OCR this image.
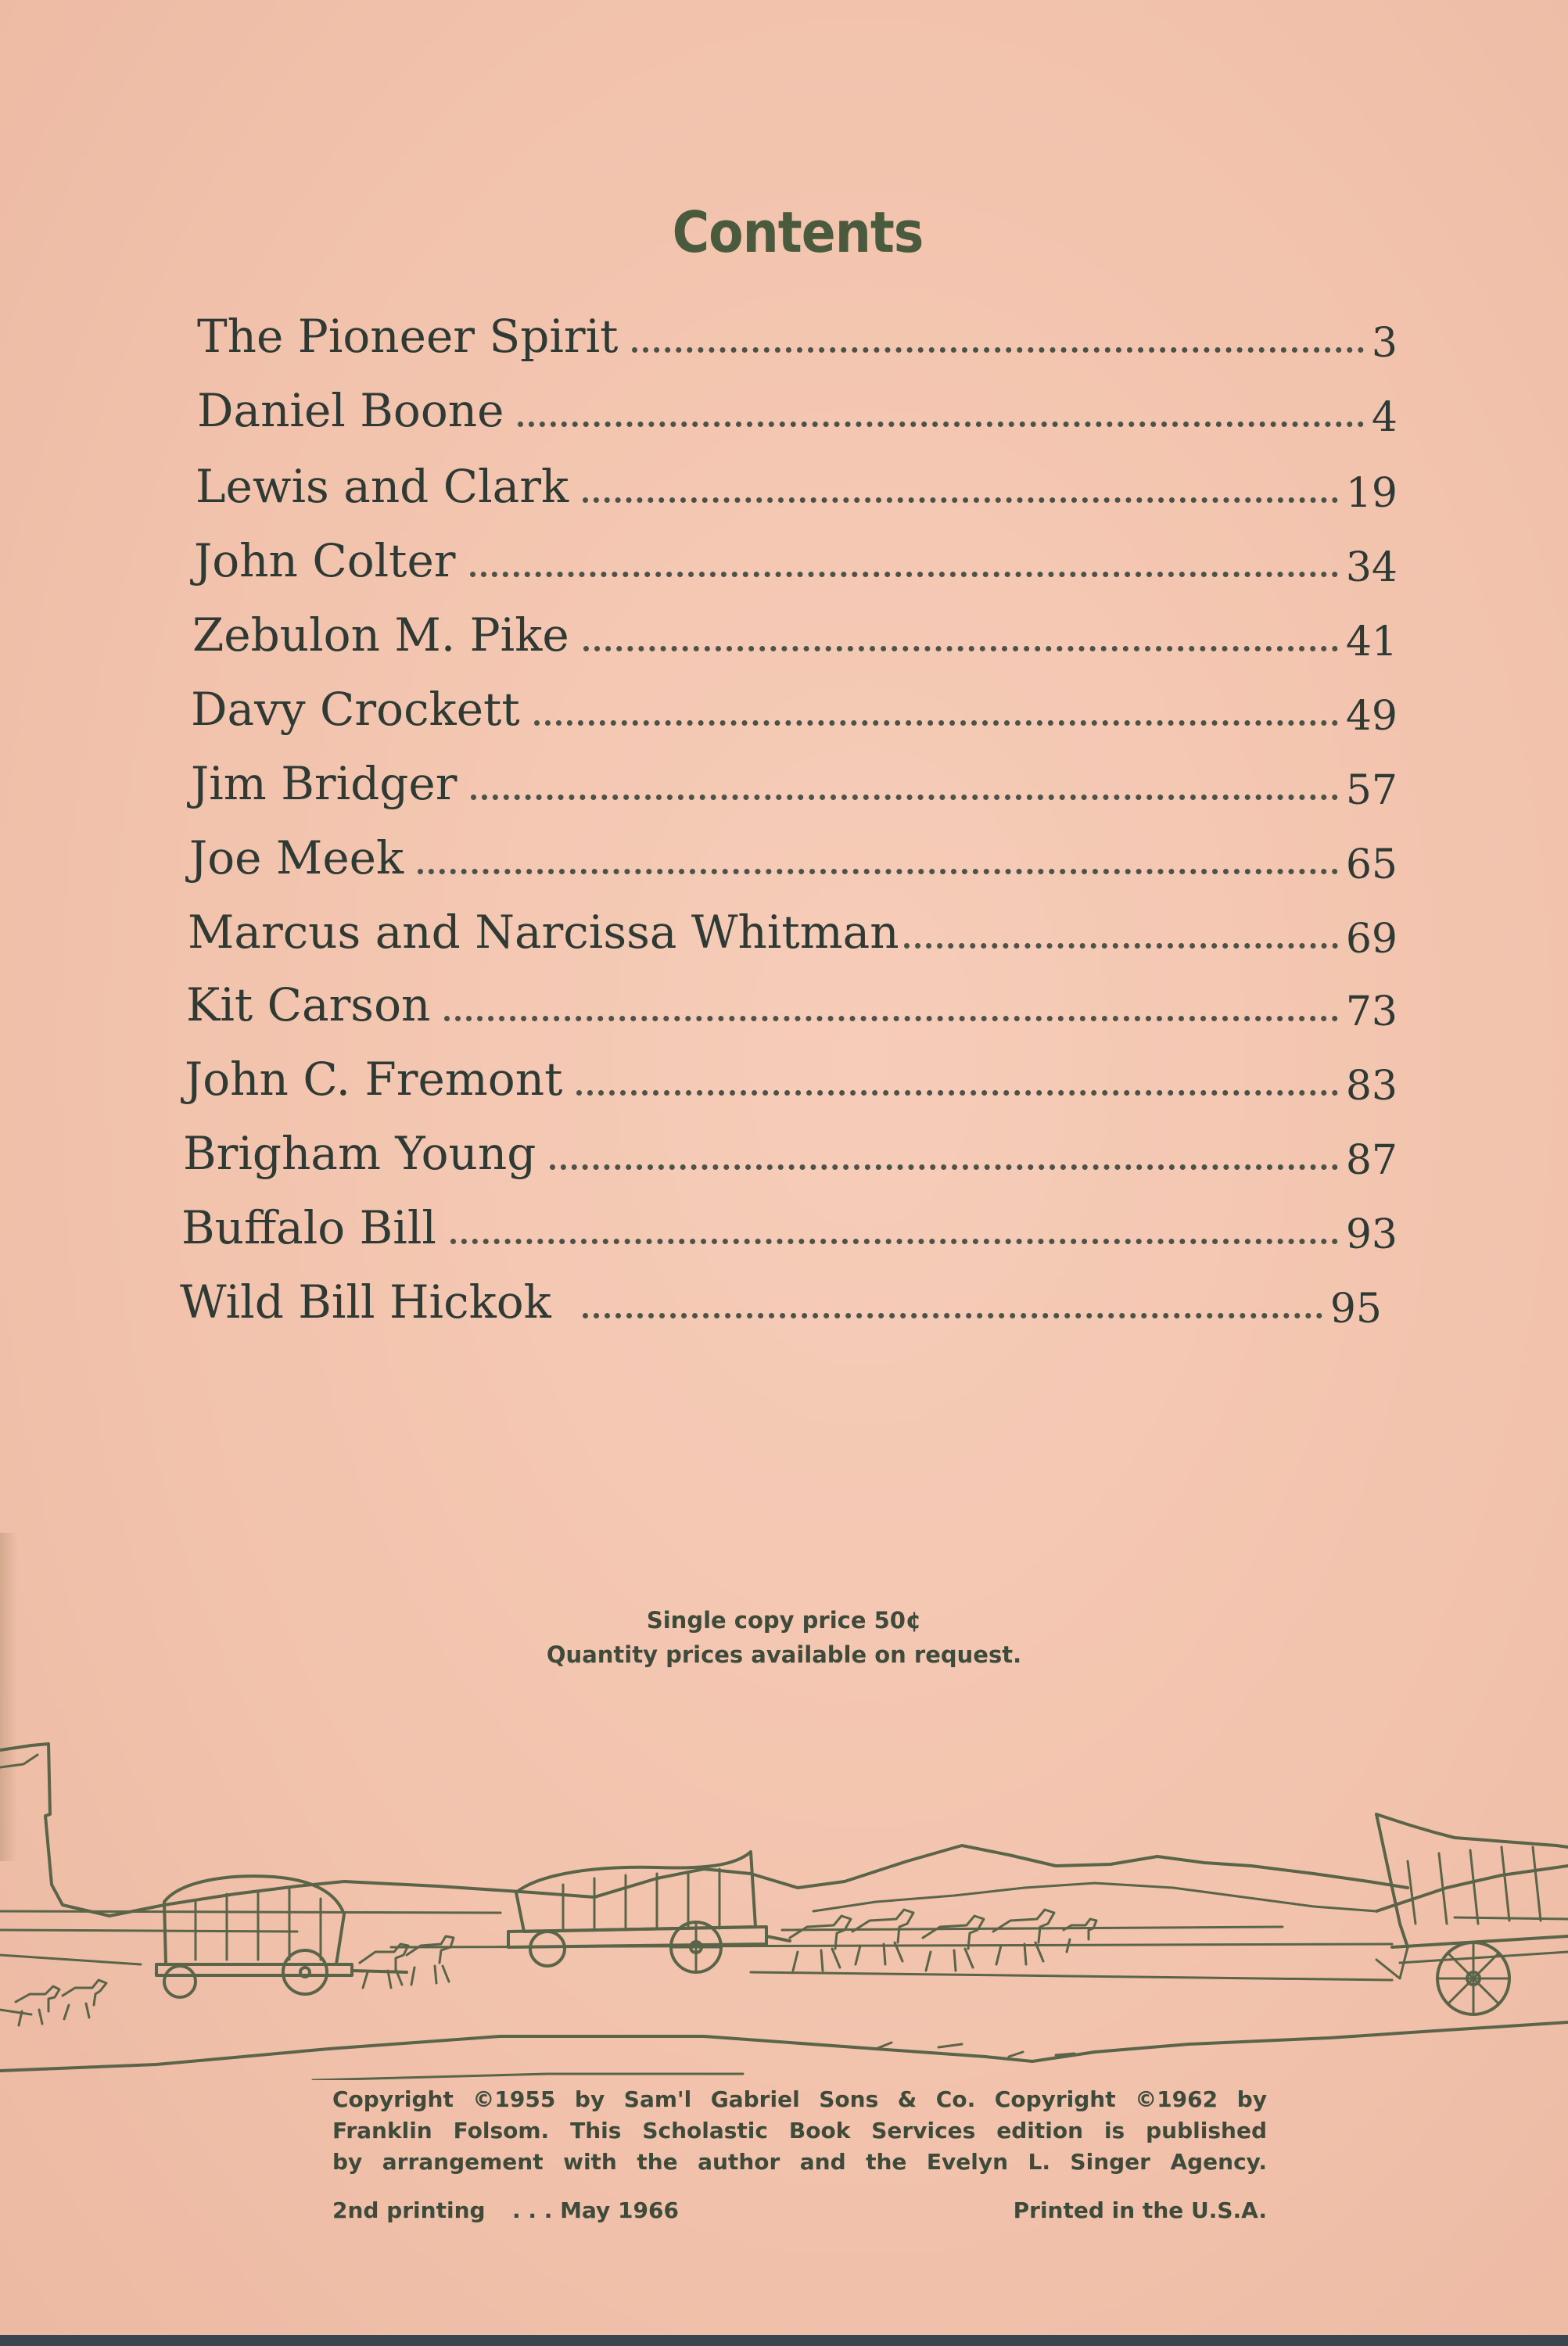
Contents
The Pioneer Spirit	3
Daniel Boone	4
Lewis and Clark	19
John Colter	34
Zebulon M. Pike	41
Davy Crockett	49
Jim Bridger	57
Joe Meek	65
Marcus and Narcissa Whitman	69
Kit Carson	73
John C. Fremont	83
Brigham Young	87
Buffalo Bill	93
Wild Bill Hickok	95
Single copy price 50¢
Quantity prices available on request.
Copyright ©1955 by Sam'l Gabriel Sons & Co. Copyright ©1962 by
Franklin Folsom. This Scholastic Book Services edition is published
by arrangement with the author and the Evelyn L. Singer Agency.
2nd printing . . . May 1966	Printed in the U.S.A.
